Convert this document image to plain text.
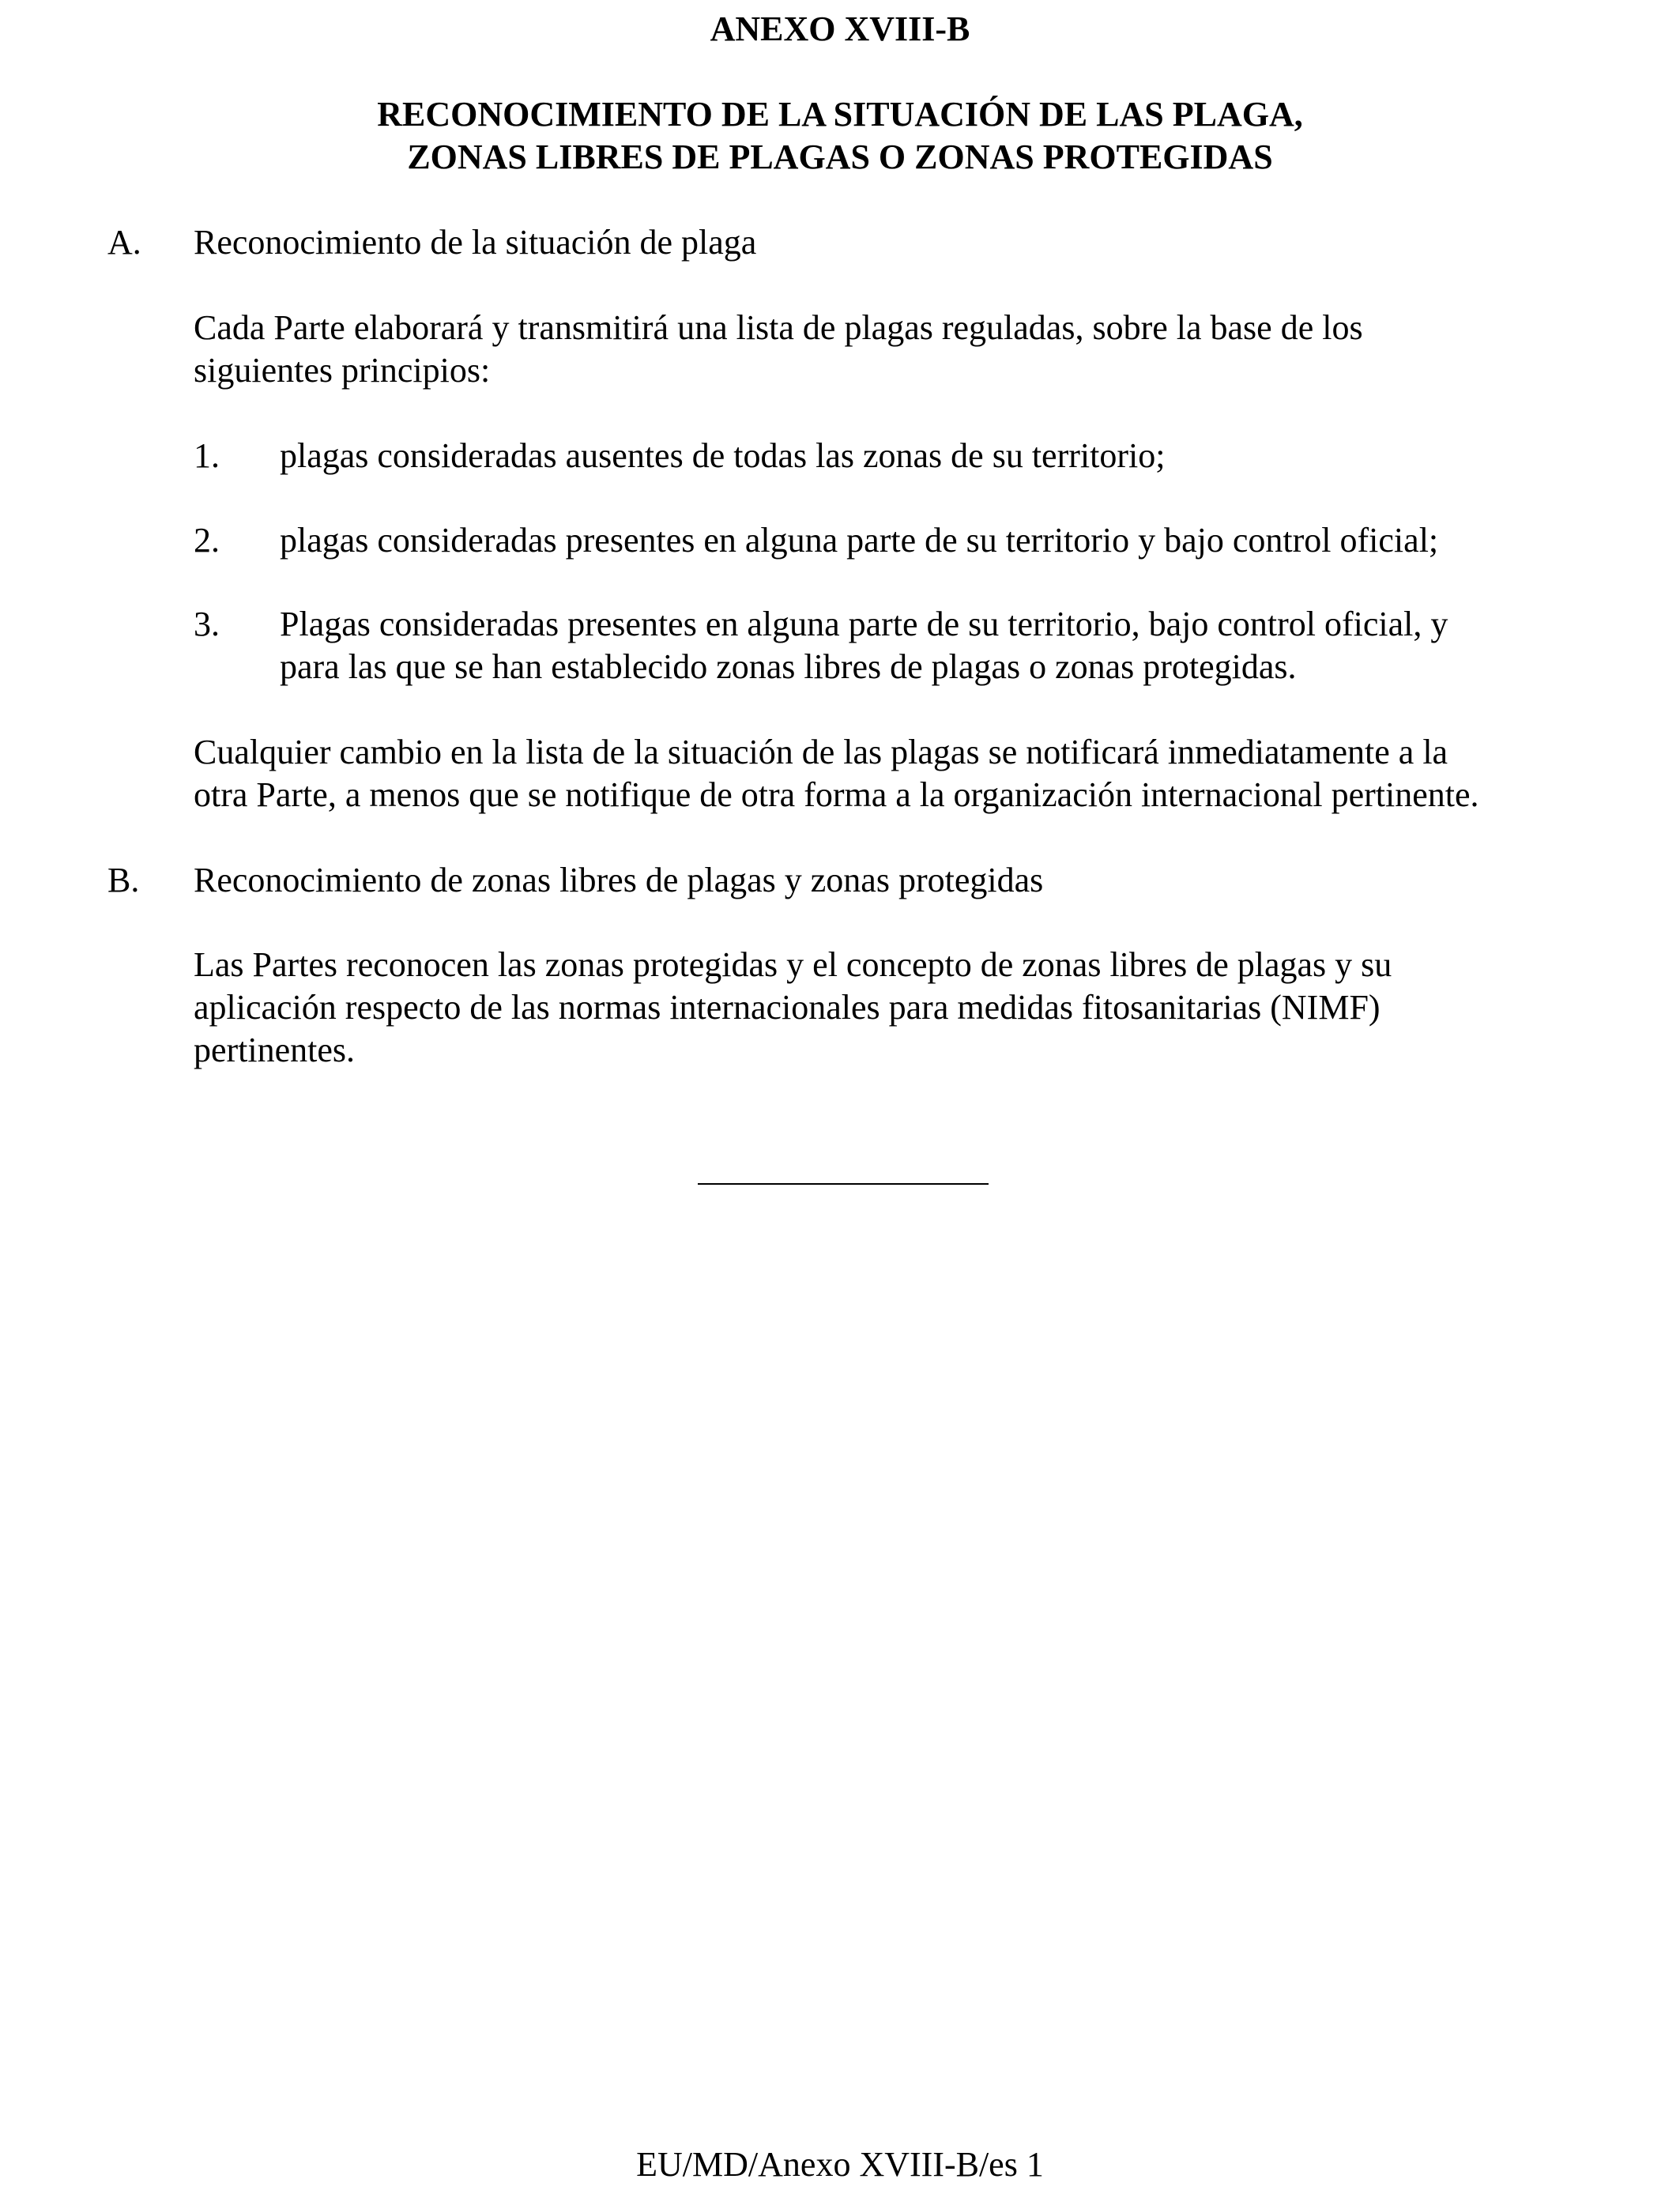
ANEXO XVIII-B
RECONOCIMIENTO DE LA SITUACIÓN DE LAS PLAGA,
ZONAS LIBRES DE PLAGAS O ZONAS PROTEGIDAS
A. Reconocimiento de la situación de plaga
Cada Parte elaborará y transmitirá una lista de plagas reguladas, sobre la base de los
siguientes principios:
1. plagas consideradas ausentes de todas las zonas de su territorio;
2. plagas consideradas presentes en alguna parte de su territorio y bajo control oficial;
3. Plagas consideradas presentes en alguna parte de su territorio, bajo control oficial, y
para las que se han establecido zonas libres de plagas o zonas protegidas.
Cualquier cambio en la lista de la situación de las plagas se notificará inmediatamente a la
otra Parte, a menos que se notifique de otra forma a la organización internacional pertinente.
B. Reconocimiento de zonas libres de plagas y zonas protegidas
Las Partes reconocen las zonas protegidas y el concepto de zonas libres de plagas y su
aplicación respecto de las normas internacionales para medidas fitosanitarias (NIMF)
pertinentes.
EU/MD/Anexo XVIII-B/es 1
